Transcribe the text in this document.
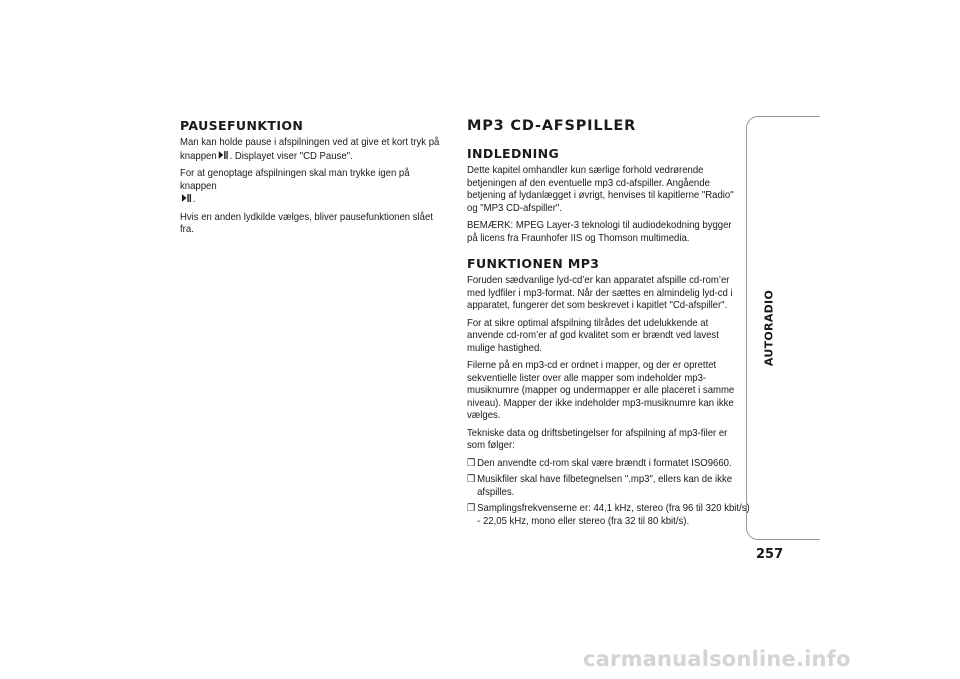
PAUSEFUNKTION

Man kan holde pause i afspilningen ved at give et kort tryk på knappen . Displayet viser "CD Pause".

For at genoptage afspilningen skal man trykke igen på knappen
.

Hvis en anden lydkilde vælges, bliver pausefunktionen slået fra.

MP3 CD-AFSPILLER
INDLEDNING

Dette kapitel omhandler kun særlige forhold vedrørende betjeningen af den eventuelle mp3 cd-afspiller. Angående betjening af lydanlægget i øvrigt, henvises til kapitlerne "Radio" og "MP3 CD-afspiller".

BEMÆRK: MPEG Layer-3 teknologi til audiodekodning bygger på licens fra Fraunhofer IIS og Thomson multimedia.

FUNKTIONEN MP3

Foruden sædvanlige lyd-cd’er kan apparatet afspille cd-rom’er med lydfiler i mp3-format. Når der sættes en almindelig lyd-cd i apparatet, fungerer det som beskrevet i kapitlet "Cd-afspiller".

For at sikre optimal afspilning tilrådes det udelukkende at anvende cd-rom’er af god kvalitet som er brændt ved lavest mulige hastighed.

Filerne på en mp3-cd er ordnet i mapper, og der er oprettet sekventielle lister over alle mapper som indeholder mp3-musiknumre (mapper og undermapper er alle placeret i samme niveau). Mapper der ikke indeholder mp3-musiknumre kan ikke vælges.

Tekniske data og driftsbetingelser for afspilning af mp3-filer er som følger:

❒ Den anvendte cd-rom skal være brændt i formatet ISO9660.
❒ Musikfiler skal have filbetegnelsen ".mp3", ellers kan de ikke afspilles.
❒ Samplingsfrekvenserne er: 44,1 kHz, stereo (fra 96 til 320 kbit/s) - 22,05 kHz, mono eller stereo (fra 32 til 80 kbit/s).
AUTORADIO
257
carmanualsonline.info
